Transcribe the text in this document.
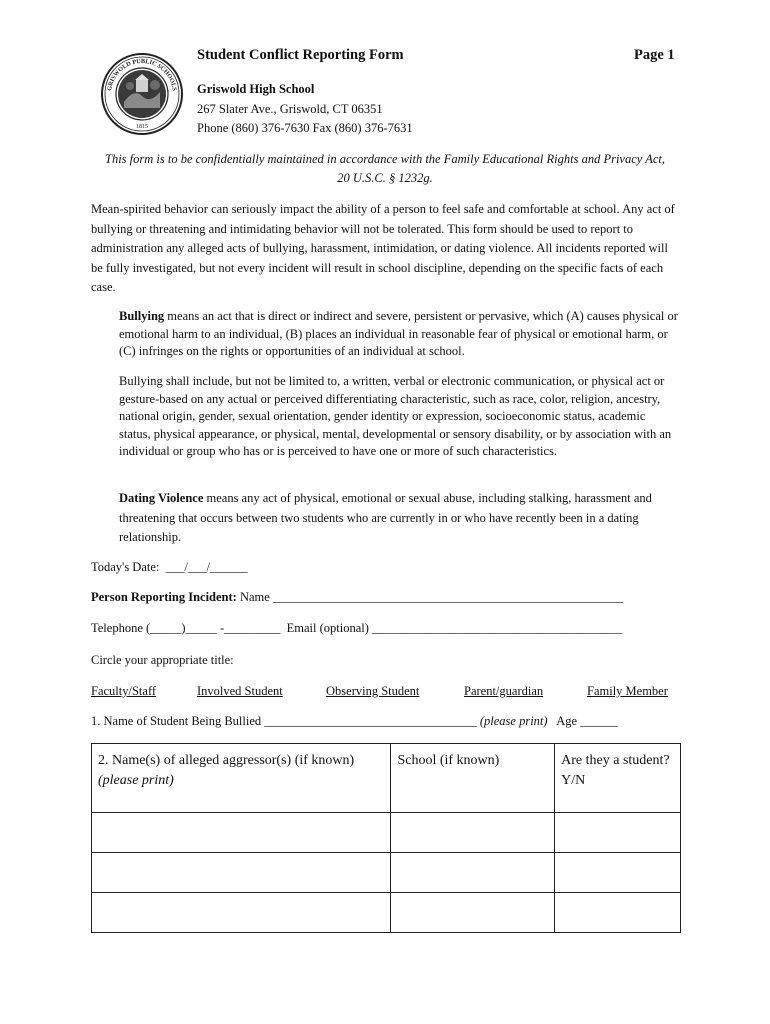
GRISWOLD PUBLIC SCHOOLS
1815
Student Conflict Reporting Form	Page 1
Griswold High School
267 Slater Ave., Griswold, CT 06351
Phone (860) 376-7630 Fax (860) 376-7631
This form is to be confidentially maintained in accordance with the Family Educational Rights and Privacy Act, 20 U.S.C. § 1232g.
Mean-spirited behavior can seriously impact the ability of a person to feel safe and comfortable at school. Any act of bullying or threatening and intimidating behavior will not be tolerated. This form should be used to report to administration any alleged acts of bullying, harassment, intimidation, or dating violence. All incidents reported will be fully investigated, but not every incident will result in school discipline, depending on the specific facts of each case.
Bullying means an act that is direct or indirect and severe, persistent or pervasive, which (A) causes physical or emotional harm to an individual, (B) places an individual in reasonable fear of physical or emotional harm, or (C) infringes on the rights or opportunities of an individual at school.
Bullying shall include, but not be limited to, a written, verbal or electronic communication, or physical act or gesture-based on any actual or perceived differentiating characteristic, such as race, color, religion, ancestry, national origin, gender, sexual orientation, gender identity or expression, socioeconomic status, academic status, physical appearance, or physical, mental, developmental or sensory disability, or by association with an individual or group who has or is perceived to have one or more of such characteristics.
Dating Violence means any act of physical, emotional or sexual abuse, including stalking, harassment and threatening that occurs between two students who are currently in or who have recently been in a dating relationship.
Today's Date:  ___/___/______
Person Reporting Incident: Name ________________________________________________________
Telephone (_____)_____ -_________  Email (optional) ________________________________________
Circle your appropriate title:
Faculty/Staff	Involved Student	Observing Student	Parent/guardian	Family Member
1. Name of Student Being Bullied __________________________________ (please print)   Age ______
2. Name(s) of alleged aggressor(s) (if known)
(please print)	School (if known)	Are they a student? Y/N
